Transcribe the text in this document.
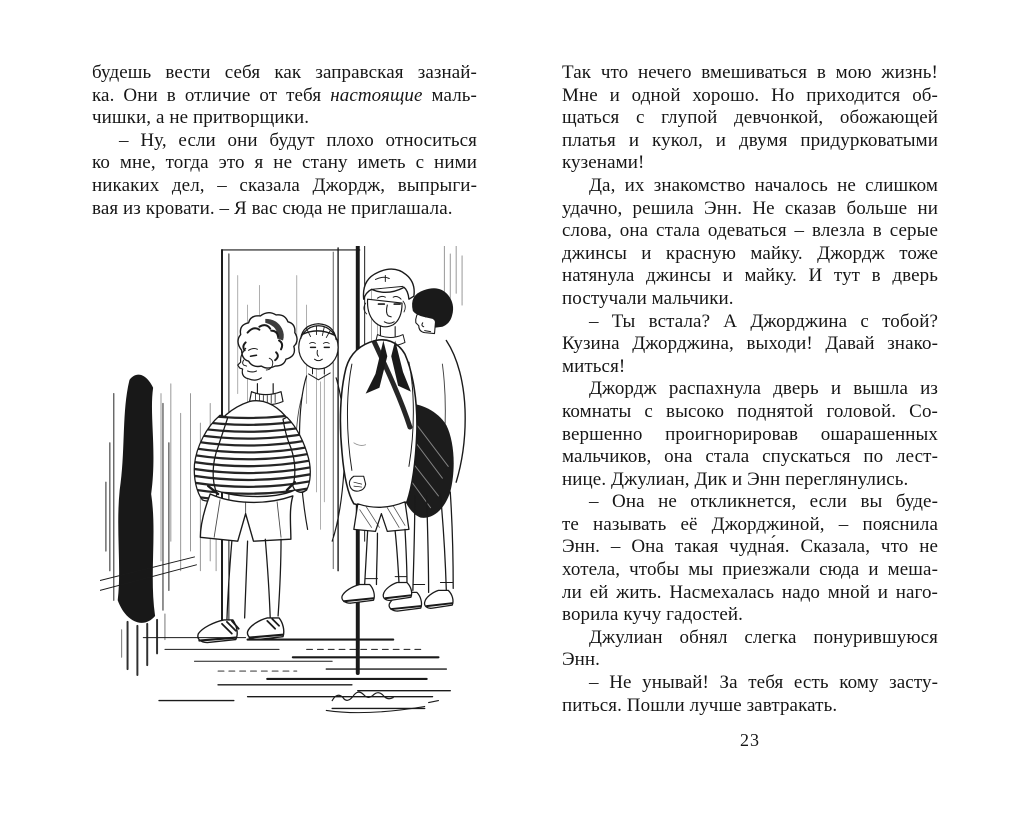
будешь вести себя как заправская зазнай-
ка. Они в отличие от тебя настоящие маль-
чишки, а не притворщики.

– Ну, если они будут плохо относиться
ко мне, тогда это я не стану иметь с ними
никаких дел, – сказала Джордж, выпрыги-
вая из кровати. – Я вас сюда не приглашала.

Так что нечего вмешиваться в мою жизнь!
Мне и одной хорошо. Но приходится об-
щаться с глупой девчонкой, обожающей
платья и кукол, и двумя придурковатыми
кузенами!

Да, их знакомство началось не слишком
удачно, решила Энн. Не сказав больше ни
слова, она стала одеваться – влезла в серые
джинсы и красную майку. Джордж тоже
натянула джинсы и майку. И тут в дверь
постучали мальчики.

– Ты встала? А Джорджина с тобой?
Кузина Джорджина, выходи! Давай знако-
миться!

Джордж распахнула дверь и вышла из
комнаты с высоко поднятой головой. Со-
вершенно проигнорировав ошарашенных
мальчиков, она стала спускаться по лест-
нице. Джулиан, Дик и Энн переглянулись.

– Она не откликнется, если вы буде-
те называть её Джорджиной, – пояснила
Энн. – Она такая чудна́я. Сказала, что не
хотела, чтобы мы приезжали сюда и меша-
ли ей жить. Насмехалась надо мной и наго-
ворила кучу гадостей.

Джулиан обнял слегка понурившуюся
Энн.

– Не унывай! За тебя есть кому засту-
питься. Пошли лучше завтракать.

23
